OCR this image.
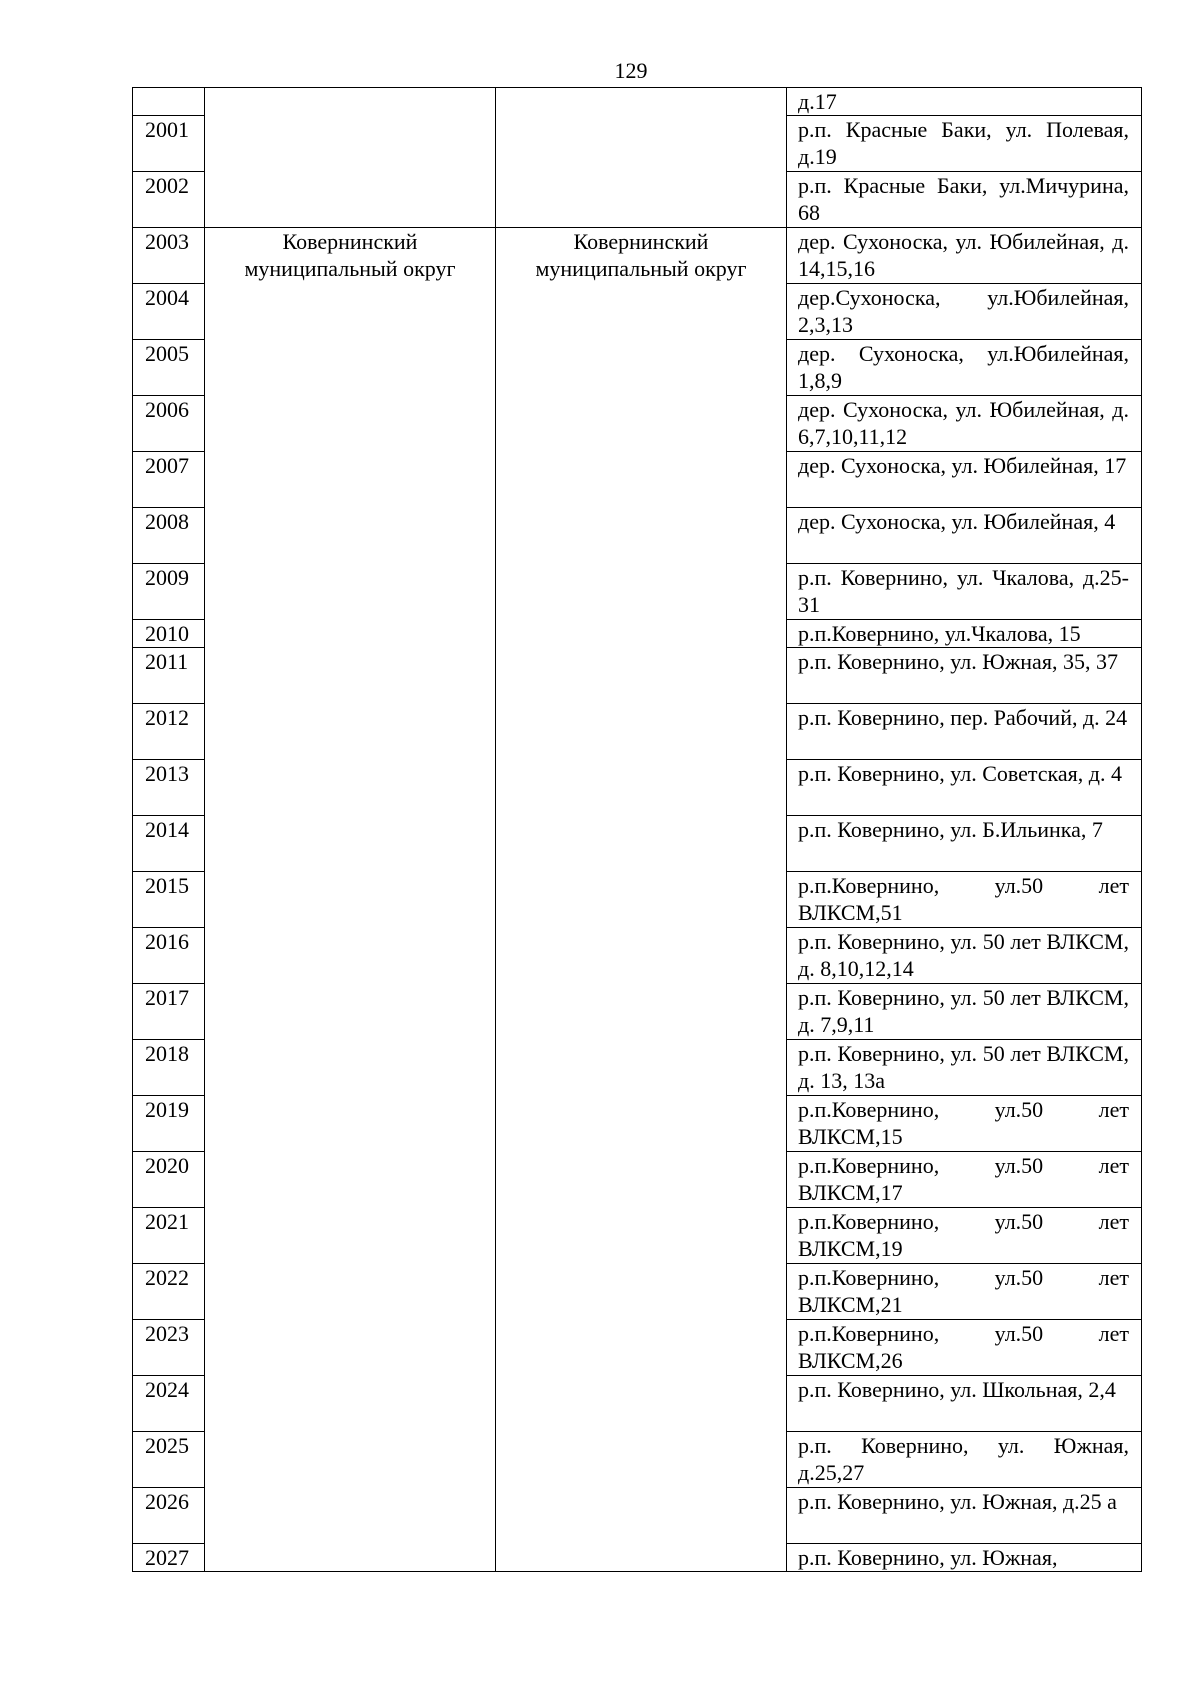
129
			д.17
2001			р.п. Красные Баки, ул. Полевая, д.19
2002			р.п. Красные Баки, ул.Мичурина, 68
2003	Ковернинский муниципальный округ	Ковернинский муниципальный округ	дер. Сухоноска, ул. Юбилейная, д. 14,15,16
2004			дер.Сухоноска, ул.Юбилейная, 2,3,13
2005			дер. Сухоноска, ул.Юбилейная, 1,8,9
2006			дер. Сухоноска, ул. Юбилейная, д. 6,7,10,11,12
2007			дер. Сухоноска, ул. Юбилейная, 17
2008			дер. Сухоноска, ул. Юбилейная, 4
2009			р.п. Ковернино, ул. Чкалова, д.25-31
2010			р.п.Ковернино, ул.Чкалова, 15
2011			р.п. Ковернино, ул. Южная, 35, 37
2012			р.п. Ковернино, пер. Рабочий, д. 24
2013			р.п. Ковернино, ул. Советская, д. 4
2014			р.п. Ковернино, ул. Б.Ильинка, 7
2015			р.п.Ковернино, ул.50 лет ВЛКСМ,51
2016			р.п. Ковернино, ул. 50 лет ВЛКСМ, д. 8,10,12,14
2017			р.п. Ковернино, ул. 50 лет ВЛКСМ, д. 7,9,11
2018			р.п. Ковернино, ул. 50 лет ВЛКСМ, д. 13, 13а
2019			р.п.Ковернино, ул.50 лет ВЛКСМ,15
2020			р.п.Ковернино, ул.50 лет ВЛКСМ,17
2021			р.п.Ковернино, ул.50 лет ВЛКСМ,19
2022			р.п.Ковернино, ул.50 лет ВЛКСМ,21
2023			р.п.Ковернино, ул.50 лет ВЛКСМ,26
2024			р.п. Ковернино, ул. Школьная, 2,4
2025			р.п. Ковернино, ул. Южная, д.25,27
2026			р.п. Ковернино, ул. Южная, д.25 а
2027			р.п. Ковернино, ул. Южная,
